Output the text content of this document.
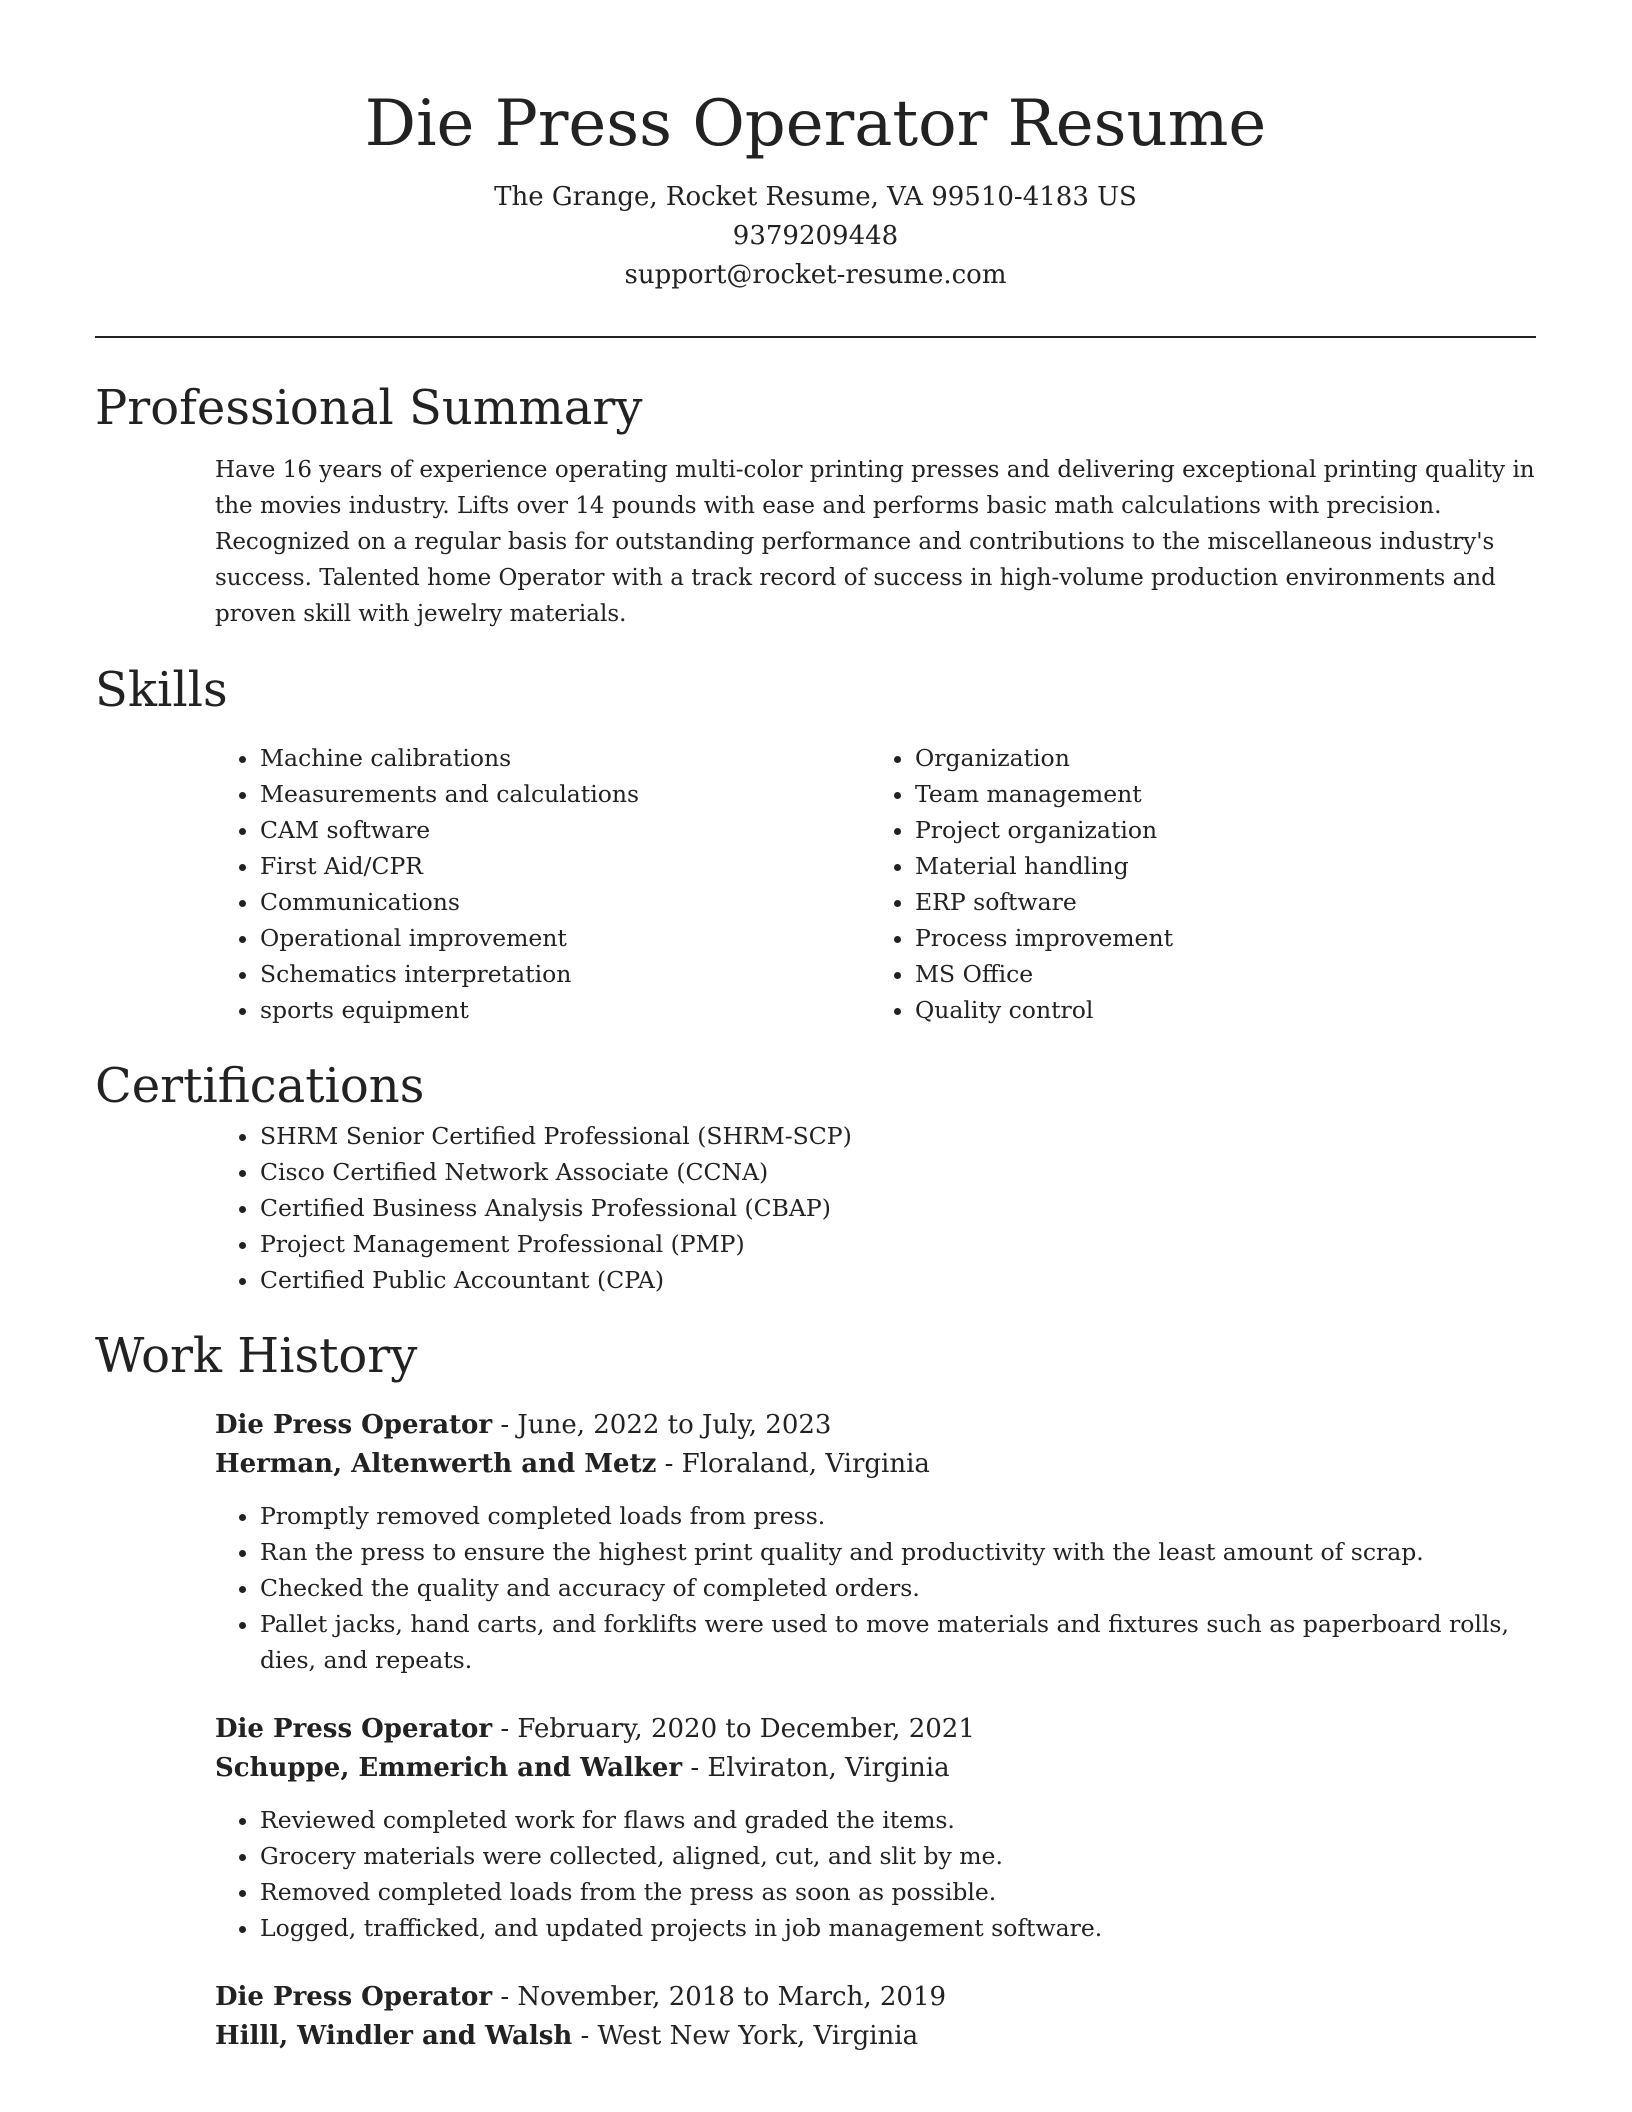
Die Press Operator Resume
The Grange, Rocket Resume, VA 99510-4183 US
9379209448
support@rocket-resume.com
Professional Summary

Have 16 years of experience operating multi-color printing presses and delivering exceptional printing quality in the movies industry. Lifts over 14 pounds with ease and performs basic math calculations with precision. Recognized on a regular basis for outstanding performance and contributions to the miscellaneous industry's success. Talented home Operator with a track record of success in high-volume production environments and proven skill with jewelry materials.

Skills
• Machine calibrations
• Measurements and calculations
• CAM software
• First Aid/CPR
• Communications
• Operational improvement
• Schematics interpretation
• sports equipment
• Organization
• Team management
• Project organization
• Material handling
• ERP software
• Process improvement
• MS Office
• Quality control
Certifications
• SHRM Senior Certified Professional (SHRM-SCP)
• Cisco Certified Network Associate (CCNA)
• Certified Business Analysis Professional (CBAP)
• Project Management Professional (PMP)
• Certified Public Accountant (CPA)
Work History
Die Press Operator - June, 2022 to July, 2023
Herman, Altenwerth and Metz - Floraland, Virginia
• Promptly removed completed loads from press.
• Ran the press to ensure the highest print quality and productivity with the least amount of scrap.
• Checked the quality and accuracy of completed orders.
• Pallet jacks, hand carts, and forklifts were used to move materials and fixtures such as paperboard rolls, dies, and repeats.
Die Press Operator - February, 2020 to December, 2021
Schuppe, Emmerich and Walker - Elviraton, Virginia
• Reviewed completed work for flaws and graded the items.
• Grocery materials were collected, aligned, cut, and slit by me.
• Removed completed loads from the press as soon as possible.
• Logged, trafficked, and updated projects in job management software.
Die Press Operator - November, 2018 to March, 2019
Hilll, Windler and Walsh - West New York, Virginia
